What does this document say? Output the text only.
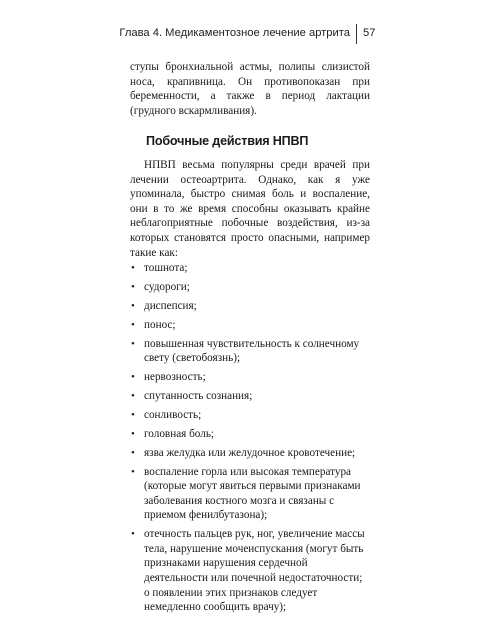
Глава 4. Медикаментозное лечение артрита 57

ступы бронхиальной астмы, полипы слизистой носа, крапивница. Он противопоказан при беременности, а также в период лактации (грудного вскармливания).

Побочные действия НПВП

НПВП весьма популярны среди врачей при лечении остеоартрита. Однако, как я уже упоминала, быстро снимая боль и воспаление, они в то же время способны оказывать крайне неблагоприятные побочные воздействия, из-за которых становятся просто опасными, например такие как:

• тошнота;
• судороги;
• диспепсия;
• понос;
• повышенная чувствительность к солнечному свету (светобоязнь);
• нервозность;
• спутанность сознания;
• сонливость;
• головная боль;
• язва желудка или желудочное кровотечение;
• воспаление горла или высокая температура (которые могут явиться первыми признаками заболевания костного мозга и связаны с приемом фенилбутазона);
• отечность пальцев рук, ног, увеличение массы тела, нарушение мочеиспускания (могут быть признаками нарушения сердечной деятельности или почечной недостаточности; о появлении этих признаков следует немедленно сообщить врачу);
